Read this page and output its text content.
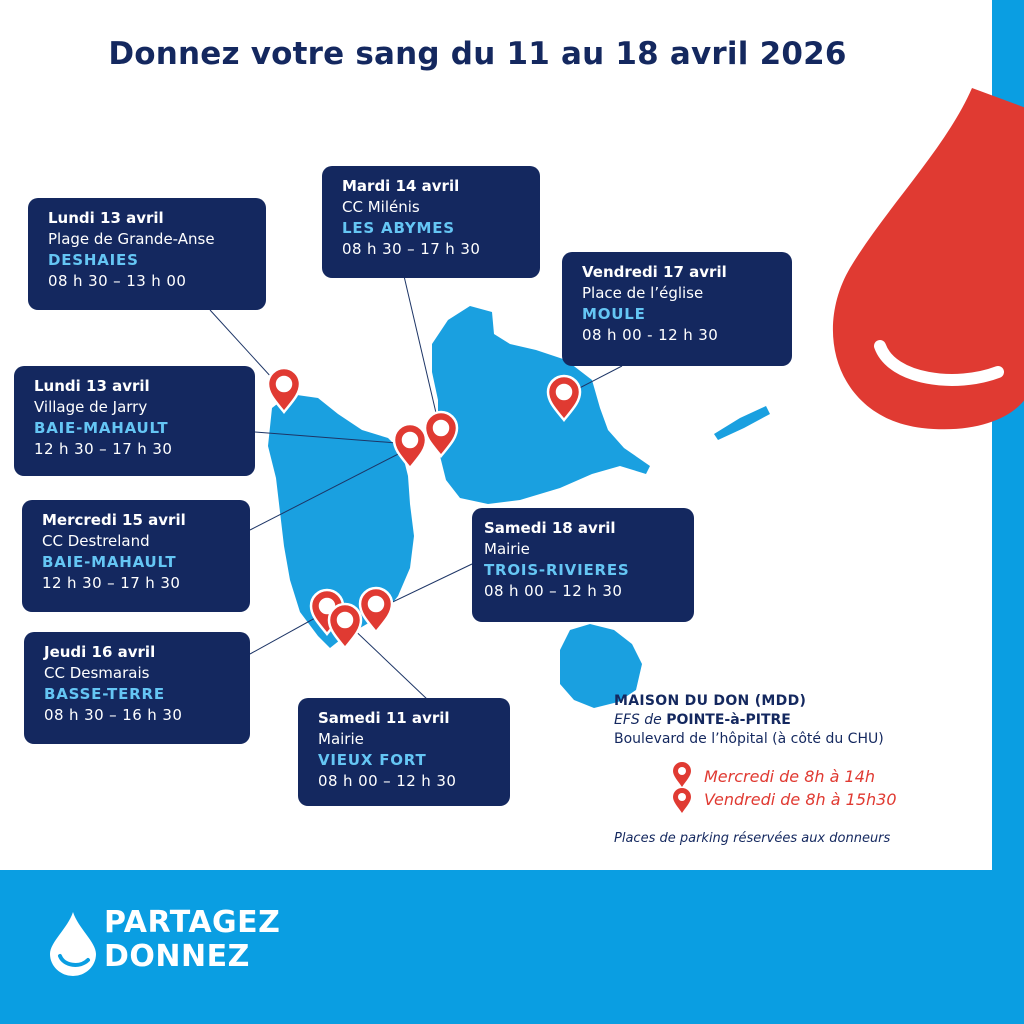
Donnez votre sang du 11 au 18 avril 2026
Lundi 13 avril
Plage de Grande-Anse
DESHAIES
08 h 30 – 13 h 00
Mardi 14 avril
CC Milénis
LES ABYMES
08 h 30 – 17 h 30
Vendredi 17 avril
Place de l’église
MOULE
08 h 00 - 12 h 30
Lundi 13 avril
Village de Jarry
BAIE-MAHAULT
12 h 30 – 17 h 30
Mercredi 15 avril
CC Destreland
BAIE-MAHAULT
12 h 30 – 17 h 30
Samedi 18 avril
Mairie
TROIS-RIVIERES
08 h 00 – 12 h 30
Jeudi 16 avril
CC Desmarais
BASSE-TERRE
08 h 30 – 16 h 30	Samedi 11 avril
Mairie
VIEUX FORT
08 h 00 – 12 h 30
MAISON DU DON (MDD)
EFS de POINTE-à-PITRE
Boulevard de l’hôpital (à côté du CHU)
Mercredi de 8h à 14h
Vendredi de 8h à 15h30
Places de parking réservées aux donneurs
PARTAGEZ
DONNEZ
